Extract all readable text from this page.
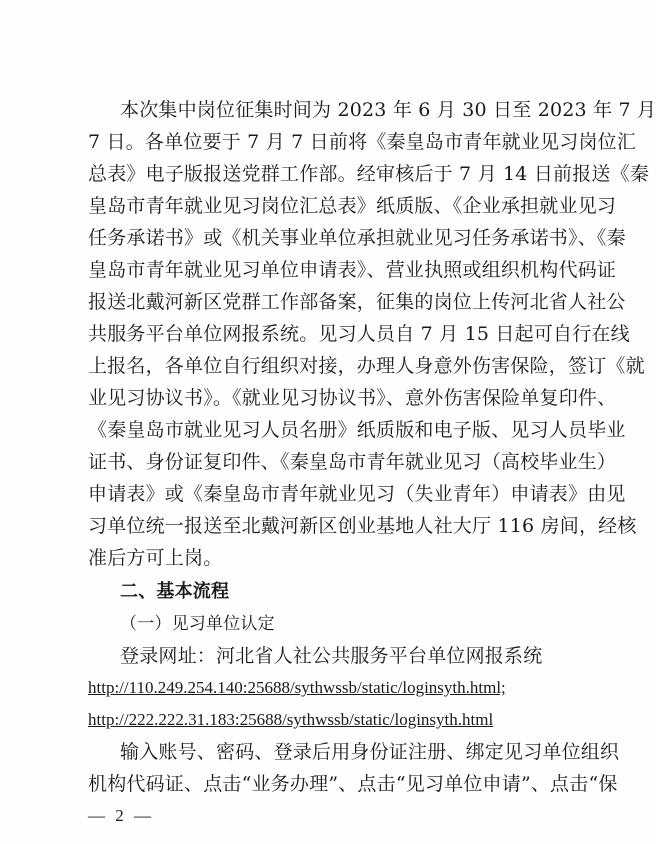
本次集中岗位征集时间为 2023 年 6 月 30 日至 2023 年 7 月
7 日。各单位要于 7 月 7 日前将《秦皇岛市青年就业见习岗位汇
总表》电子版报送党群工作部。经审核后于 7 月 14 日前报送《秦
皇岛市青年就业见习岗位汇总表》纸质版、《企业承担就业见习
任务承诺书》或《机关事业单位承担就业见习任务承诺书》、《秦
皇岛市青年就业见习单位申请表》、营业执照或组织机构代码证
报送北戴河新区党群工作部备案，征集的岗位上传河北省人社公
共服务平台单位网报系统。见习人员自 7 月 15 日起可自行在线
上报名，各单位自行组织对接，办理人身意外伤害保险，签订《就
业见习协议书》。《就业见习协议书》、意外伤害保险单复印件、
《秦皇岛市就业见习人员名册》纸质版和电子版、见习人员毕业
证书、身份证复印件、《秦皇岛市青年就业见习（高校毕业生）
申请表》或《秦皇岛市青年就业见习（失业青年）申请表》由见
习单位统一报送至北戴河新区创业基地人社大厅 116 房间，经核
准后方可上岗。
二、基本流程
（一）见习单位认定
登录网址：河北省人社公共服务平台单位网报系统
http://110.249.254.140:25688/sythwssb/static/loginsyth.html;
http://222.222.31.183:25688/sythwssb/static/loginsyth.html
输入账号、密码、登录后用身份证注册、绑定见习单位组织
机构代码证、点击“业务办理”、点击“见习单位申请”、点击“保
— 2 —
